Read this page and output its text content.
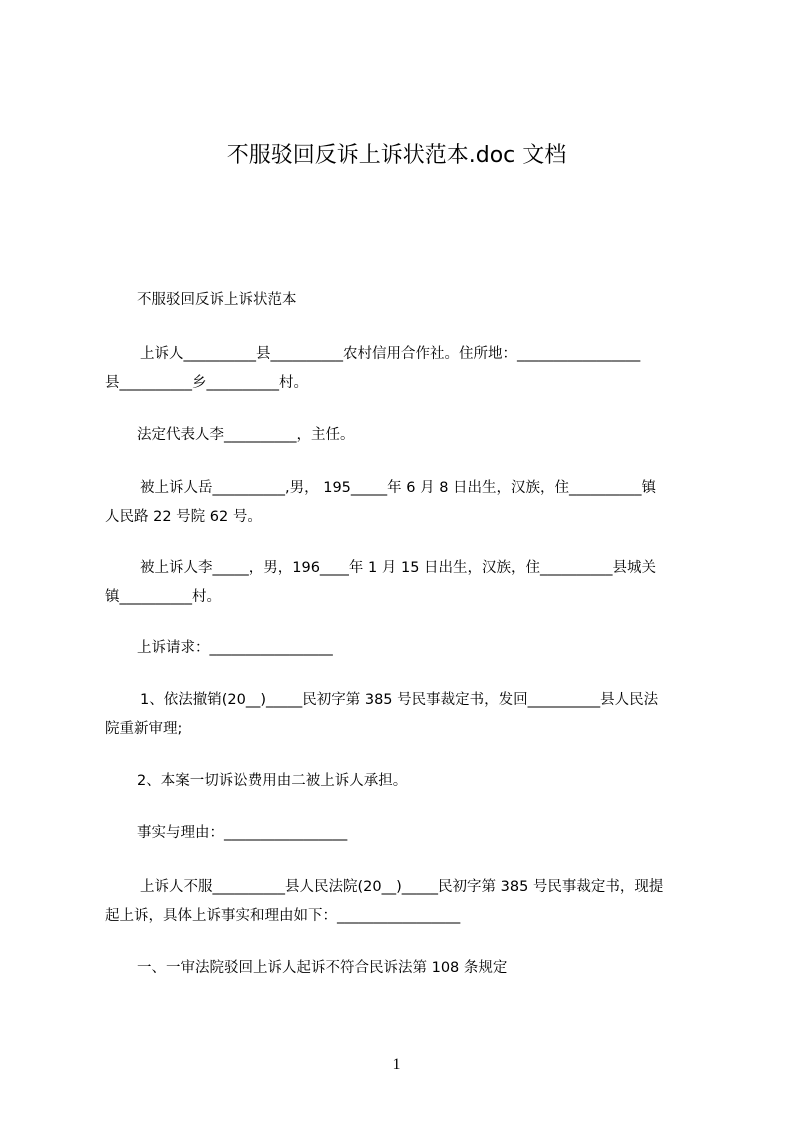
不服驳回反诉上诉状范本.doc 文档
不服驳回反诉上诉状范本
上诉人__________县__________农村信用合作社。住所地：_________________
县__________乡__________村。
法定代表人李__________，主任。
被上诉人岳__________,男， 195_____年 6 月 8 日出生，汉族，住__________镇
人民路 22 号院 62 号。
被上诉人李_____，男，196____年 1 月 15 日出生，汉族，住__________县城关
镇__________村。
上诉请求：_________________
1、依法撤销(20__)_____民初字第 385 号民事裁定书，发回__________县人民法
院重新审理;
2、本案一切诉讼费用由二被上诉人承担。
事实与理由：_________________
上诉人不服__________县人民法院(20__)_____民初字第 385 号民事裁定书，现提
起上诉，具体上诉事实和理由如下：_________________
一、一审法院驳回上诉人起诉不符合民诉法第 108 条规定
1
